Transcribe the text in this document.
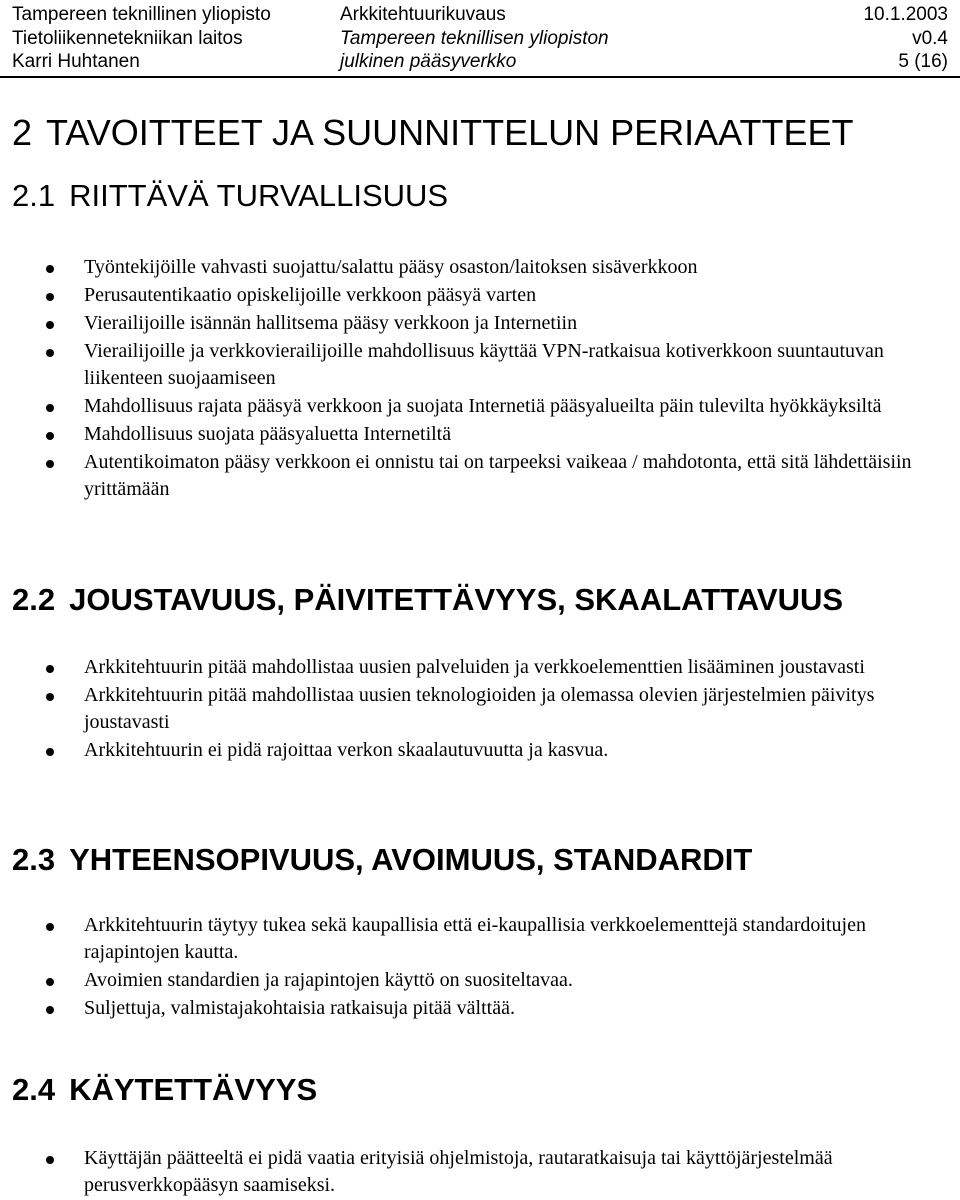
Tampereen teknillinen yliopisto	Arkkitehtuurikuvaus	10.1.2003
Tietoliikennetekniikan laitos	Tampereen teknillisen yliopiston	v0.4
Karri Huhtanen	julkinen pääsyverkko	5 (16)
2 TAVOITTEET JA SUUNNITTELUN PERIAATTEET
2.1 RIITTÄVÄ TURVALLISUUS
Työntekijöille vahvasti suojattu/salattu pääsy osaston/laitoksen sisäverkkoon
Perusautentikaatio opiskelijoille verkkoon pääsyä varten
Vierailijoille isännän hallitsema pääsy verkkoon ja Internetiin
Vierailijoille ja verkkovierailijoille mahdollisuus käyttää VPN-ratkaisua kotiverkkoon suuntautuvan liikenteen suojaamiseen
Mahdollisuus rajata pääsyä verkkoon ja suojata Internetiä pääsyalueilta päin tulevilta hyökkäyksiltä
Mahdollisuus suojata pääsyaluetta Internetiltä
Autentikoimaton pääsy verkkoon ei onnistu tai on tarpeeksi vaikeaa / mahdotonta, että sitä lähdettäisiin yrittämään
2.2 JOUSTAVUUS, PÄIVITETTÄVYYS, SKAALATTAVUUS
Arkkitehtuurin pitää mahdollistaa uusien palveluiden ja verkkoelementtien lisääminen joustavasti
Arkkitehtuurin pitää mahdollistaa uusien teknologioiden ja olemassa olevien järjestelmien päivitys joustavasti
Arkkitehtuurin ei pidä rajoittaa verkon skaalautuvuutta ja kasvua.
2.3 YHTEENSOPIVUUS, AVOIMUUS, STANDARDIT
Arkkitehtuurin täytyy tukea sekä kaupallisia että ei-kaupallisia verkkoelementtejä standardoitujen rajapintojen kautta.
Avoimien standardien ja rajapintojen käyttö on suositeltavaa.
Suljettuja, valmistajakohtaisia ratkaisuja pitää välttää.
2.4 KÄYTETTÄVYYS
Käyttäjän päätteeltä ei pidä vaatia erityisiä ohjelmistoja, rautaratkaisuja tai käyttöjärjestelmää perusverkkopääsyn saamiseksi.
